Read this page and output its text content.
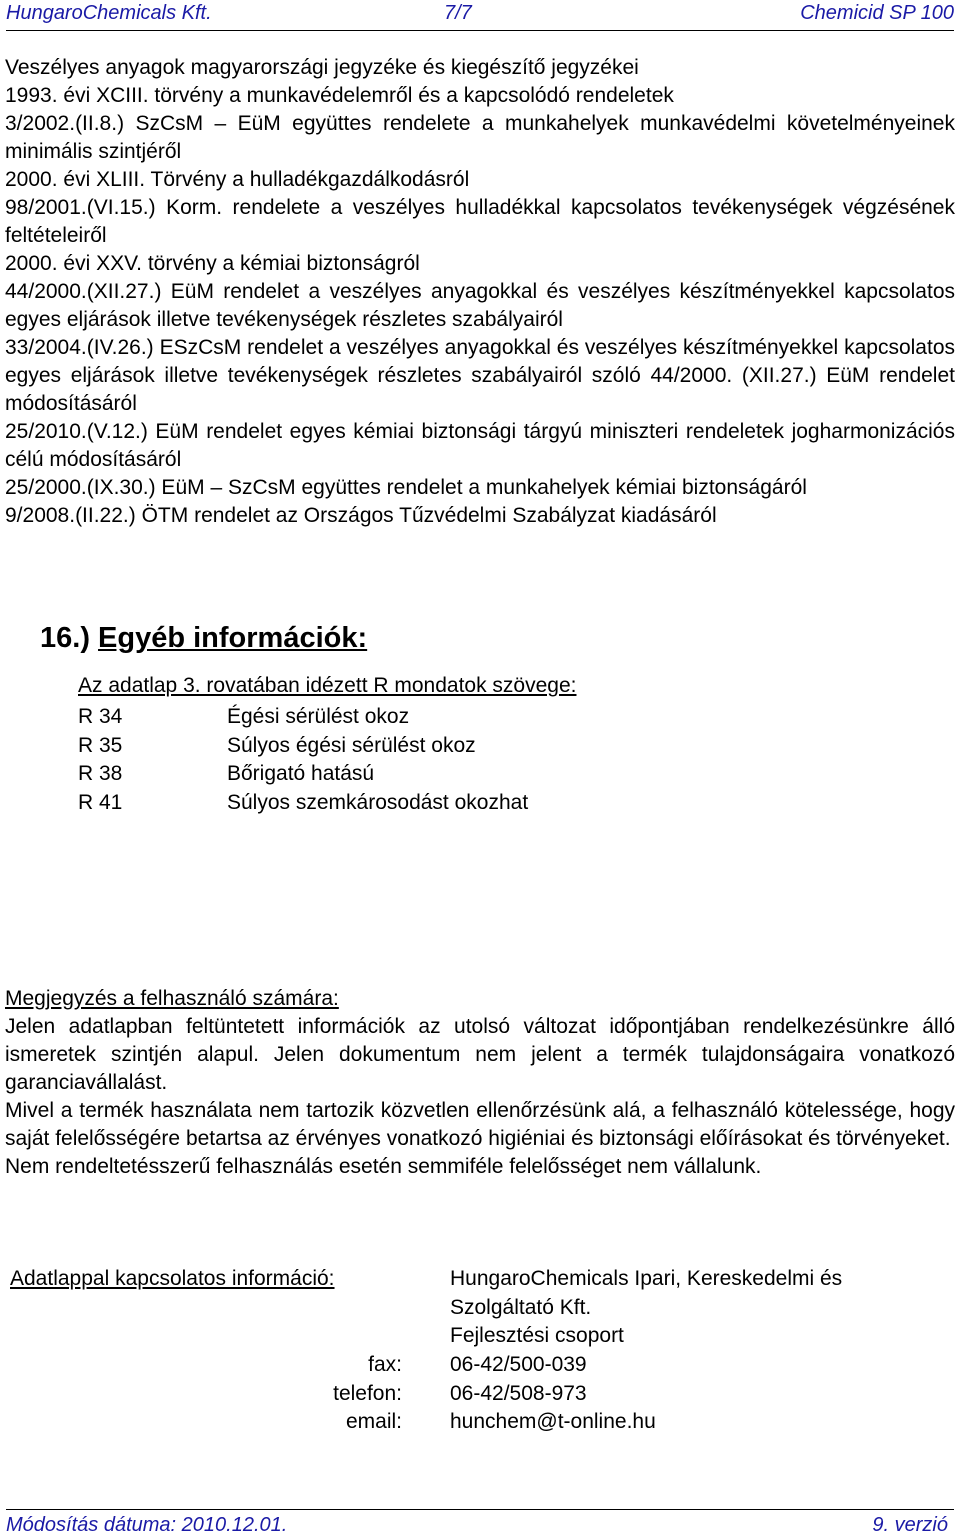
HungaroChemicals Kft.	7/7	Chemicid SP 100
Veszélyes anyagok magyarországi jegyzéke és kiegészítő jegyzékei
1993. évi XCIII. törvény a munkavédelemről és a kapcsolódó rendeletek
3/2002.(II.8.) SzCsM – EüM együttes rendelete a munkahelyek munkavédelmi követelményeinek minimális szintjéről
2000. évi XLIII. Törvény a hulladékgazdálkodásról
98/2001.(VI.15.) Korm. rendelete a veszélyes hulladékkal kapcsolatos tevékenységek végzésének feltételeiről
2000. évi XXV. törvény a kémiai biztonságról
44/2000.(XII.27.) EüM rendelet a veszélyes anyagokkal és veszélyes készítményekkel kapcsolatos egyes eljárások illetve tevékenységek részletes szabályairól
33/2004.(IV.26.) ESzCsM rendelet a veszélyes anyagokkal és veszélyes készítményekkel kapcsolatos egyes eljárások illetve tevékenységek részletes szabályairól szóló 44/2000. (XII.27.) EüM rendelet módosításáról
25/2010.(V.12.) EüM rendelet egyes kémiai biztonsági tárgyú miniszteri rendeletek jogharmonizációs célú módosításáról
25/2000.(IX.30.) EüM – SzCsM együttes rendelet a munkahelyek kémiai biztonságáról
9/2008.(II.22.) ÖTM rendelet az Országos Tűzvédelmi Szabályzat kiadásáról
16.) Egyéb információk:
Az adatlap 3. rovatában idézett R mondatok szövege:
R 34	Égési sérülést okoz
R 35	Súlyos égési sérülést okoz
R 38	Bőrigató hatású
R 41	Súlyos szemkárosodást okozhat
Megjegyzés a felhasználó számára:

Jelen adatlapban feltüntetett információk az utolsó változat időpontjában rendelkezésünkre álló ismeretek szintjén alapul. Jelen dokumentum nem jelent a termék tulajdonságaira vonatkozó garanciavállalást.

Mivel a termék használata nem tartozik közvetlen ellenőrzésünk alá, a felhasználó kötelessége, hogy saját felelősségére betartsa az érvényes vonatkozó higiéniai és biztonsági előírásokat és törvényeket.

Nem rendeltetésszerű felhasználás esetén semmiféle felelősséget nem vállalunk.

Adatlappal kapcsolatos információ:	HungaroChemicals Ipari, Kereskedelmi és
Szolgáltató Kft.
Fejlesztési csoport
fax: 06-42/500-039
telefon: 06-42/508-973
email: hunchem@t-online.hu
Módosítás dátuma: 2010.12.01.	9. verzió
